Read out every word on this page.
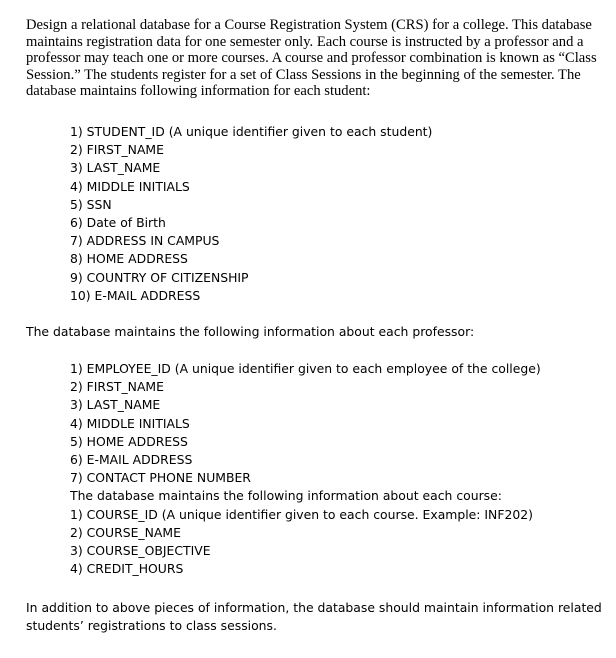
Design a relational database for a Course Registration System (CRS) for a college. This database maintains registration data for one semester only. Each course is instructed by a professor and a professor may teach one or more courses. A course and professor combination is known as “Class Session.” The students register for a set of Class Sessions in the beginning of the semester. The database maintains following information for each student:

1) STUDENT_ID (A unique identifier given to each student)
2) FIRST_NAME
3) LAST_NAME
4) MIDDLE INITIALS
5) SSN
6) Date of Birth
7) ADDRESS IN CAMPUS
8) HOME ADDRESS
9) COUNTRY OF CITIZENSHIP
10) E-MAIL ADDRESS

The database maintains the following information about each professor:

1) EMPLOYEE_ID (A unique identifier given to each employee of the college)
2) FIRST_NAME
3) LAST_NAME
4) MIDDLE INITIALS
5) HOME ADDRESS
6) E-MAIL ADDRESS
7) CONTACT PHONE NUMBER
The database maintains the following information about each course:
1) COURSE_ID (A unique identifier given to each course. Example: INF202)
2) COURSE_NAME
3) COURSE_OBJECTIVE
4) CREDIT_HOURS

In addition to above pieces of information, the database should maintain information related students’ registrations to class sessions.
